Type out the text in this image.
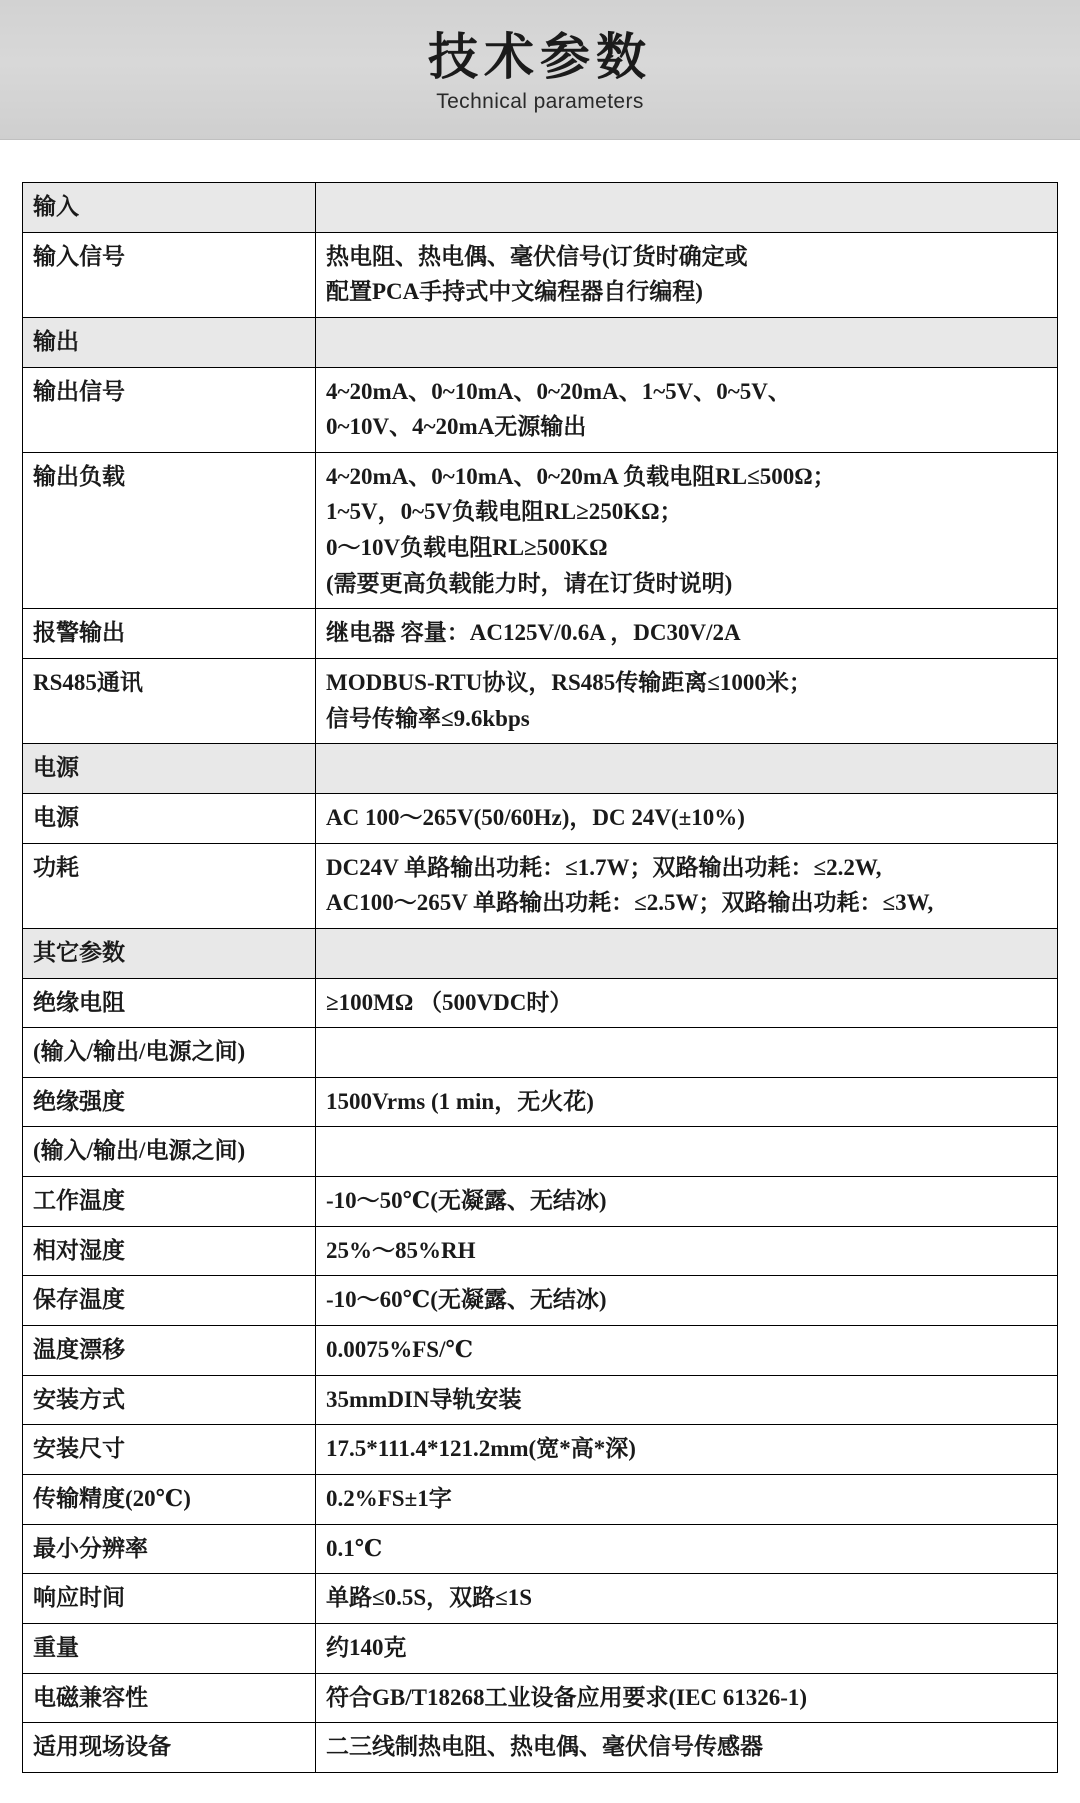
技术参数
Technical parameters
输入	
输入信号	热电阻、热电偶、毫伏信号(订货时确定或
配置PCA手持式中文编程器自行编程)

输出	
输出信号	4~20mA、0~10mA、0~20mA、1~5V、0~5V、
0~10V、4~20mA无源输出

输出负载	4~20mA、0~10mA、0~20mA 负载电阻RL≤500Ω；
1~5V，0~5V负载电阻RL≥250KΩ；
0～10V负载电阻RL≥500KΩ
(需要更高负载能力时，请在订货时说明)

报警输出	继电器 容量：AC125V/0.6A ，DC30V/2A

RS485通讯	MODBUS-RTU协议，RS485传输距离≤1000米；
信号传输率≤9.6kbps

电源	
电源	AC 100～265V(50/60Hz)，DC 24V(±10%)

功耗	DC24V 单路输出功耗：≤1.7W；双路输出功耗：≤2.2W,
AC100～265V 单路输出功耗：≤2.5W；双路输出功耗：≤3W,

其它参数	
绝缘电阻	≥100MΩ （500VDC时）

(输入/输出/电源之间)	

绝缘强度	1500Vrms (1 min，无火花)

(输入/输出/电源之间)	

工作温度	-10～50℃(无凝露、无结冰)

相对湿度	25%～85%RH

保存温度	-10～60℃(无凝露、无结冰)

温度漂移	0.0075%FS/℃

安装方式	35mmDIN导轨安装

安装尺寸	17.5*111.4*121.2mm(宽*高*深)

传输精度(20℃)	0.2%FS±1字

最小分辨率	0.1℃

响应时间	单路≤0.5S，双路≤1S

重量	约140克

电磁兼容性	符合GB/T18268工业设备应用要求(IEC 61326-1)

适用现场设备	二三线制热电阻、热电偶、毫伏信号传感器
